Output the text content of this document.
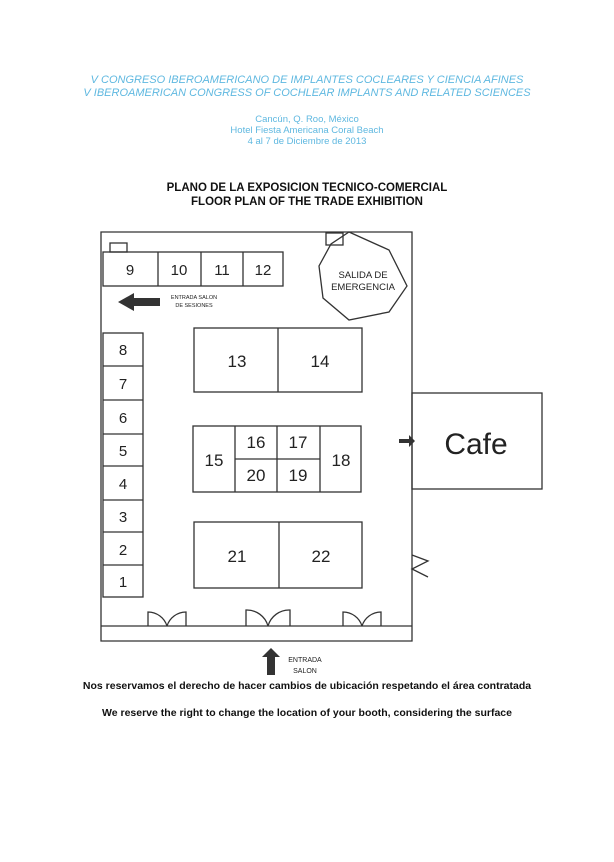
V CONGRESO IBEROAMERICANO DE IMPLANTES COCLEARES Y CIENCIA AFINES
V IBEROAMERICAN CONGRESS OF COCHLEAR IMPLANTS AND RELATED SCIENCES
Cancún, Q. Roo, México
Hotel Fiesta Americana Coral Beach
4 al 7 de Diciembre de 2013
PLANO DE LA EXPOSICION TECNICO-COMERCIAL
FLOOR PLAN OF THE TRADE EXHIBITION
9 10 11 12
8
7
6
5
4
3
2
1
13	14
15
16 17
18
20 19
21	22
SALIDA DE
EMERGENCIA
ENTRADA SALON
DE SESIONES
ENTRADA
SALON
Cafe
Nos reservamos el derecho de hacer cambios de ubicación respetando el área contratada
We reserve the right to change the location of your booth, considering the surface
